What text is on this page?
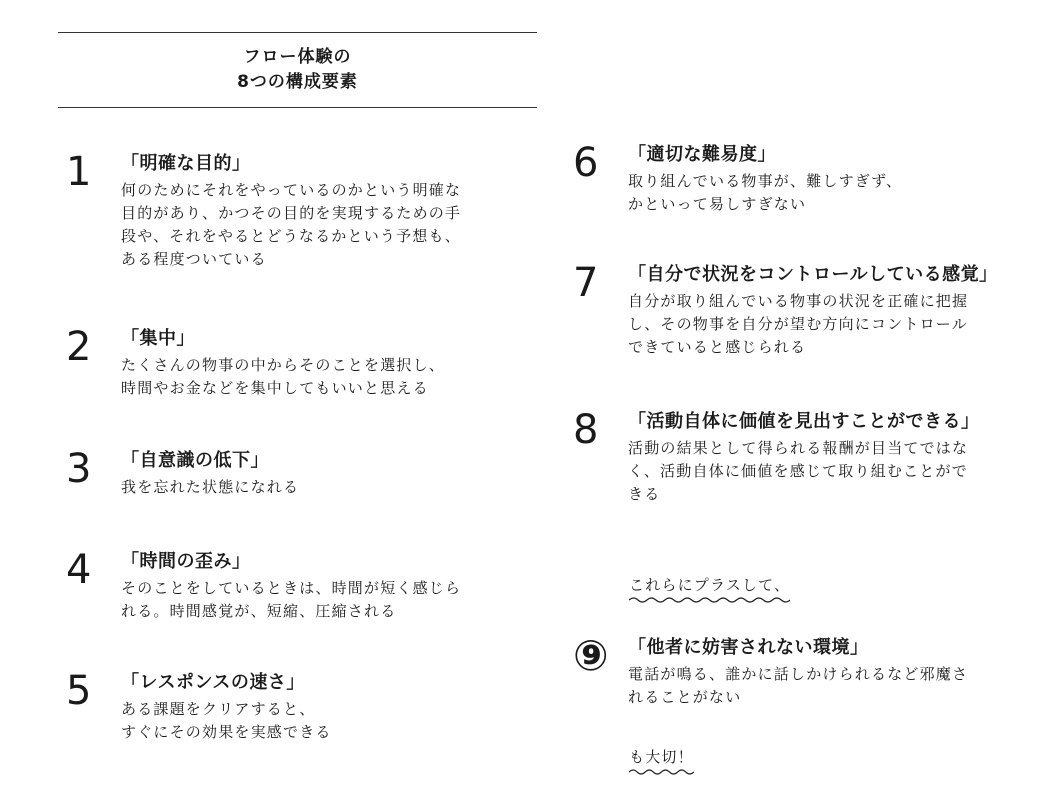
フロー体験の
8つの構成要素
1 「明確な目的」
何のためにそれをやっているのかという明確な
目的があり、かつその目的を実現するための手
段や、それをやるとどうなるかという予想も、
ある程度ついている
2 「集中」
たくさんの物事の中からそのことを選択し、
時間やお金などを集中してもいいと思える
3 「自意識の低下」
我を忘れた状態になれる
4 「時間の歪み」
そのことをしているときは、時間が短く感じら
れる。時間感覚が、短縮、圧縮される
5 「レスポンスの速さ」
ある課題をクリアすると、
すぐにその効果を実感できる
6 「適切な難易度」
取り組んでいる物事が、難しすぎず、
かといって易しすぎない
7 「自分で状況をコントロールしている感覚」
自分が取り組んでいる物事の状況を正確に把握
し、その物事を自分が望む方向にコントロール
できていると感じられる
8 「活動自体に価値を見出すことができる」
活動の結果として得られる報酬が目当てではな
く、活動自体に価値を感じて取り組むことがで
きる
これらにプラスして、
⑨ 「他者に妨害されない環境」
電話が鳴る、誰かに話しかけられるなど邪魔さ
れることがない
も大切！
